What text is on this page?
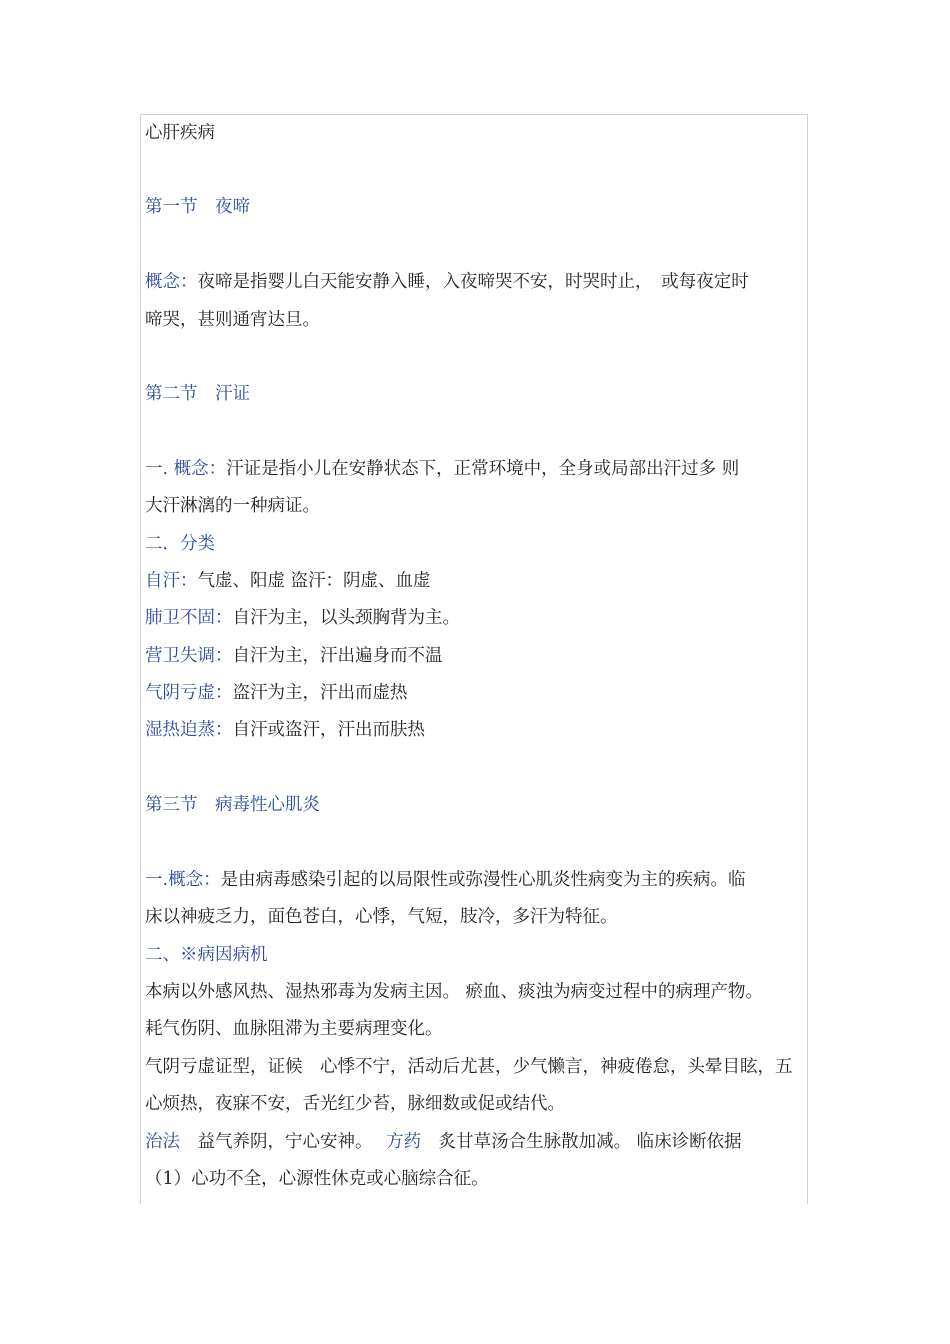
心肝疾病
第一节　夜啼
概念：夜啼是指婴儿白天能安静入睡，入夜啼哭不安，时哭时止，　或每夜定时
啼哭，甚则通宵达旦。
第二节　汗证
一. 概念：汗证是指小儿在安静状态下，正常环境中，全身或局部出汗过多 则
大汗淋漓的一种病证。
二．分类
自汗：气虚、阳虚 盗汗：阴虚、血虚
肺卫不固：自汗为主，以头颈胸背为主。
营卫失调：自汗为主，汗出遍身而不温
气阴亏虚：盗汗为主，汗出而虚热
湿热迫蒸：自汗或盗汗，汗出而肤热
第三节　病毒性心肌炎
一.概念：是由病毒感染引起的以局限性或弥漫性心肌炎性病变为主的疾病。临
床以神疲乏力，面色苍白，心悸，气短，肢冷，多汗为特征。
二、※病因病机
本病以外感风热、湿热邪毒为发病主因。 瘀血、痰浊为病变过程中的病理产物。
耗气伤阴、血脉阻滞为主要病理变化。
气阴亏虚证型，证候　心悸不宁，活动后尤甚，少气懒言，神疲倦怠，头晕目眩，五
心烦热，夜寐不安，舌光红少苔，脉细数或促或结代。
治法　益气养阴，宁心安神。 方药　炙甘草汤合生脉散加减。 临床诊断依据
（1）心功不全，心源性休克或心脑综合征。
